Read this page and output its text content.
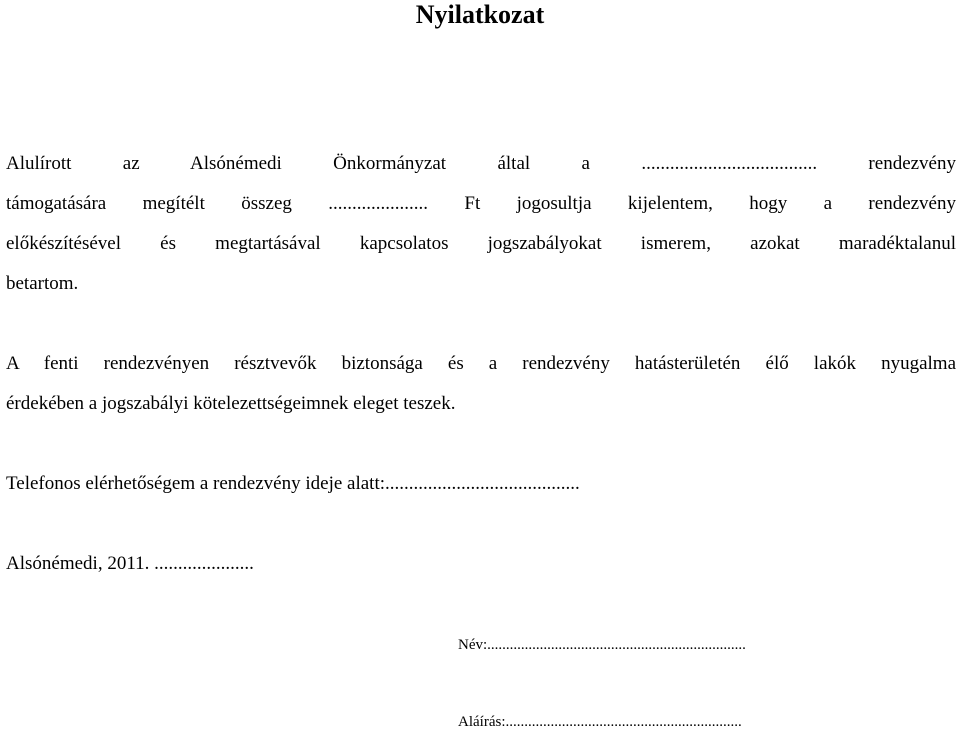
Nyilatkozat
Alulírott az Alsónémedi Önkormányzat által a ..................................... rendezvény
támogatására megítélt összeg ..................... Ft jogosultja kijelentem, hogy a rendezvény
előkészítésével és megtartásával kapcsolatos jogszabályokat ismerem, azokat maradéktalanul
betartom.
A fenti rendezvényen résztvevők biztonsága és a rendezvény hatásterületén élő lakók nyugalma
érdekében a jogszabályi kötelezettségeimnek eleget teszek.
Telefonos elérhetőségem a rendezvény ideje alatt:.........................................
Alsónémedi, 2011. .....................
Név:.....................................................................
Aláírás:...............................................................
